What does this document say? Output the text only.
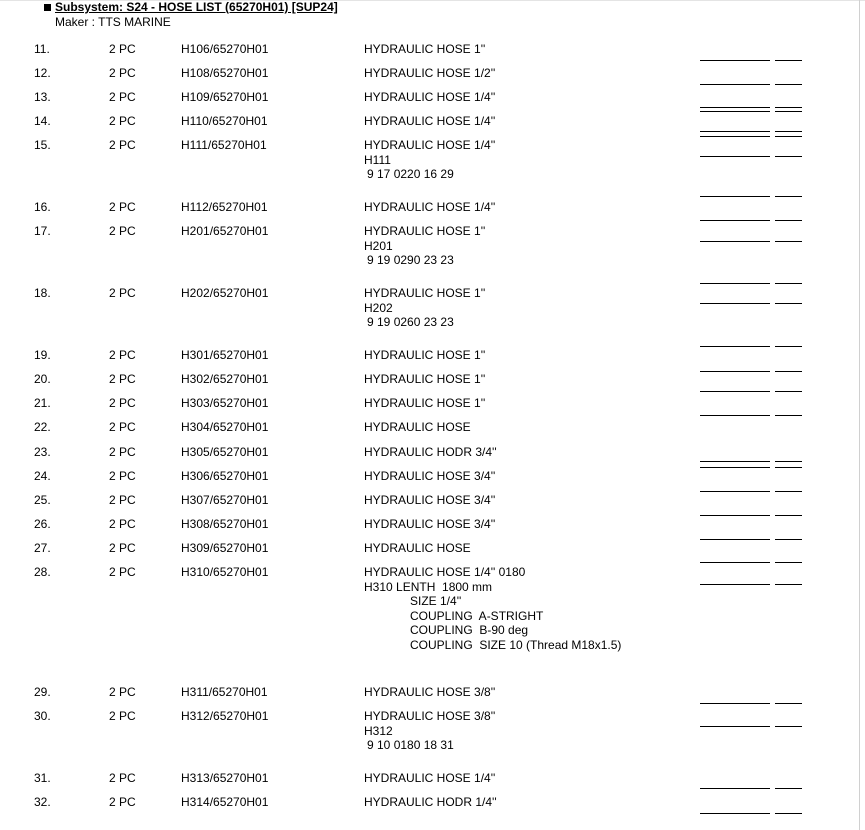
Subsystem: S24 - HOSE LIST (65270H01) [SUP24]
Maker : TTS MARINE
11.	2 PC	H106/65270H01	HYDRAULIC HOSE 1''
12.	2 PC	H108/65270H01	HYDRAULIC HOSE 1/2''
13.	2 PC	H109/65270H01	HYDRAULIC HOSE 1/4''
14.	2 PC	H110/65270H01	HYDRAULIC HOSE 1/4''
15.	2 PC	H111/65270H01	HYDRAULIC HOSE 1/4''
H111
9 17 0220 16 29
16.	2 PC	H112/65270H01	HYDRAULIC HOSE 1/4''
17.	2 PC	H201/65270H01	HYDRAULIC HOSE 1''
H201
9 19 0290 23 23
18.	2 PC	H202/65270H01	HYDRAULIC HOSE 1''
H202
9 19 0260 23 23
19.	2 PC	H301/65270H01	HYDRAULIC HOSE 1''
20.	2 PC	H302/65270H01	HYDRAULIC HOSE 1''
21.	2 PC	H303/65270H01	HYDRAULIC HOSE 1''
22.	2 PC	H304/65270H01	HYDRAULIC HOSE
23.	2 PC	H305/65270H01	HYDRAULIC HODR 3/4''
24.	2 PC	H306/65270H01	HYDRAULIC HOSE 3/4''
25.	2 PC	H307/65270H01	HYDRAULIC HOSE 3/4''
26.	2 PC	H308/65270H01	HYDRAULIC HOSE 3/4''
27.	2 PC	H309/65270H01	HYDRAULIC HOSE
28.	2 PC	H310/65270H01	HYDRAULIC HOSE 1/4'' 0180
H310 LENTH  1800 mm
SIZE 1/4''
COUPLING  A-STRIGHT
COUPLING  B-90 deg
COUPLING  SIZE 10 (Thread M18x1.5)
29.	2 PC	H311/65270H01	HYDRAULIC HOSE 3/8''
30.	2 PC	H312/65270H01	HYDRAULIC HOSE 3/8''
H312
9 10 0180 18 31
31.	2 PC	H313/65270H01	HYDRAULIC HOSE 1/4''
32.	2 PC	H314/65270H01	HYDRAULIC HODR 1/4''
